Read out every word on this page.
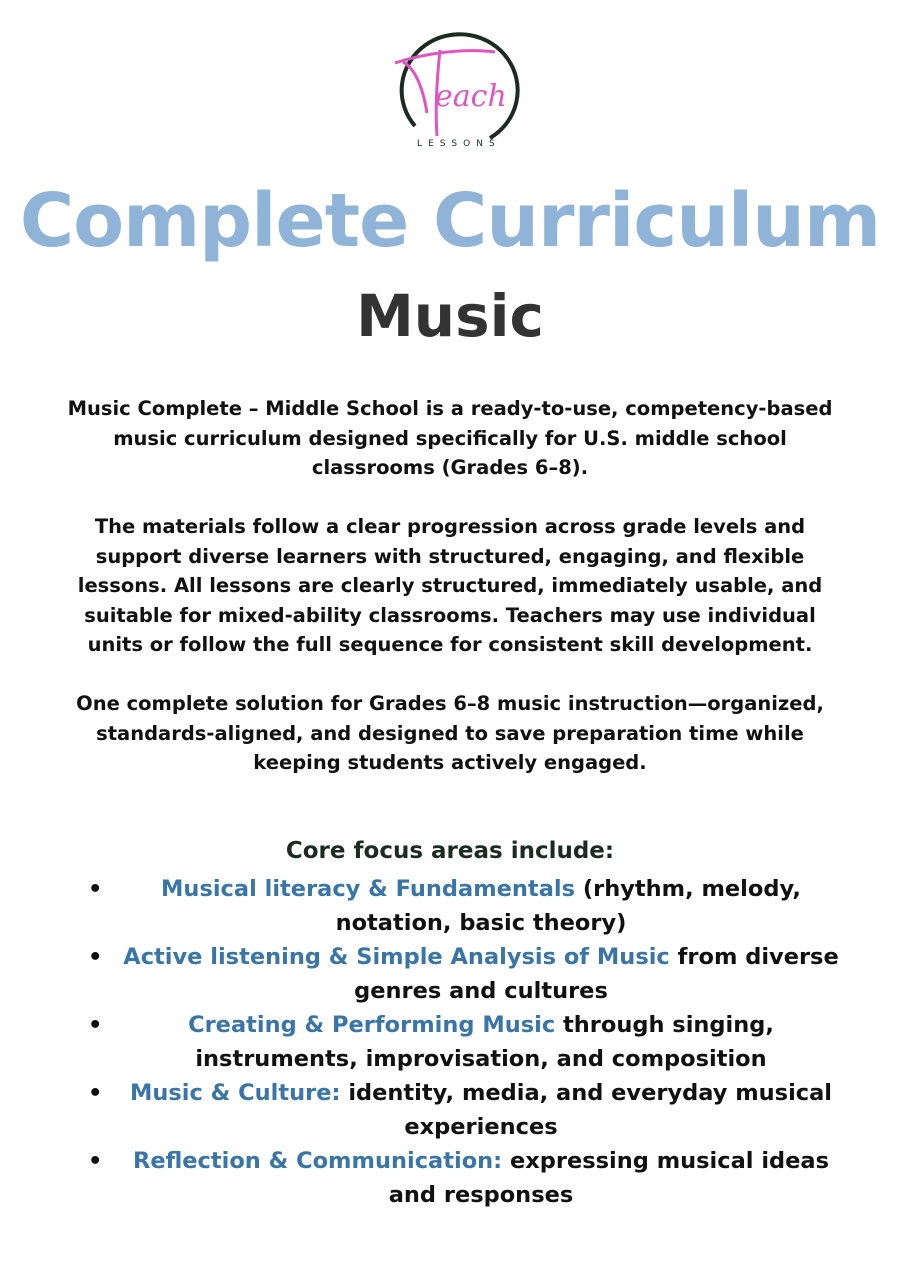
each
LESSONS
Complete Curriculum
Music
Music Complete – Middle School is a ready-to-use, competency-based music curriculum designed specifically for U.S. middle school classrooms (Grades 6–8).
The materials follow a clear progression across grade levels and support diverse learners with structured, engaging, and flexible lessons. All lessons are clearly structured, immediately usable, and suitable for mixed-ability classrooms. Teachers may use individual units or follow the full sequence for consistent skill development.
One complete solution for Grades 6–8 music instruction—organized, standards-aligned, and designed to save preparation time while keeping students actively engaged.
Core focus areas include:
•	Musical literacy & Fundamentals (rhythm, melody, notation, basic theory)
• Active listening & Simple Analysis of Music from diverse genres and cultures
•	Creating & Performing Music through singing, instruments, improvisation, and composition
•	Music & Culture: identity, media, and everyday musical experiences
•	Reflection & Communication: expressing musical ideas and responses
